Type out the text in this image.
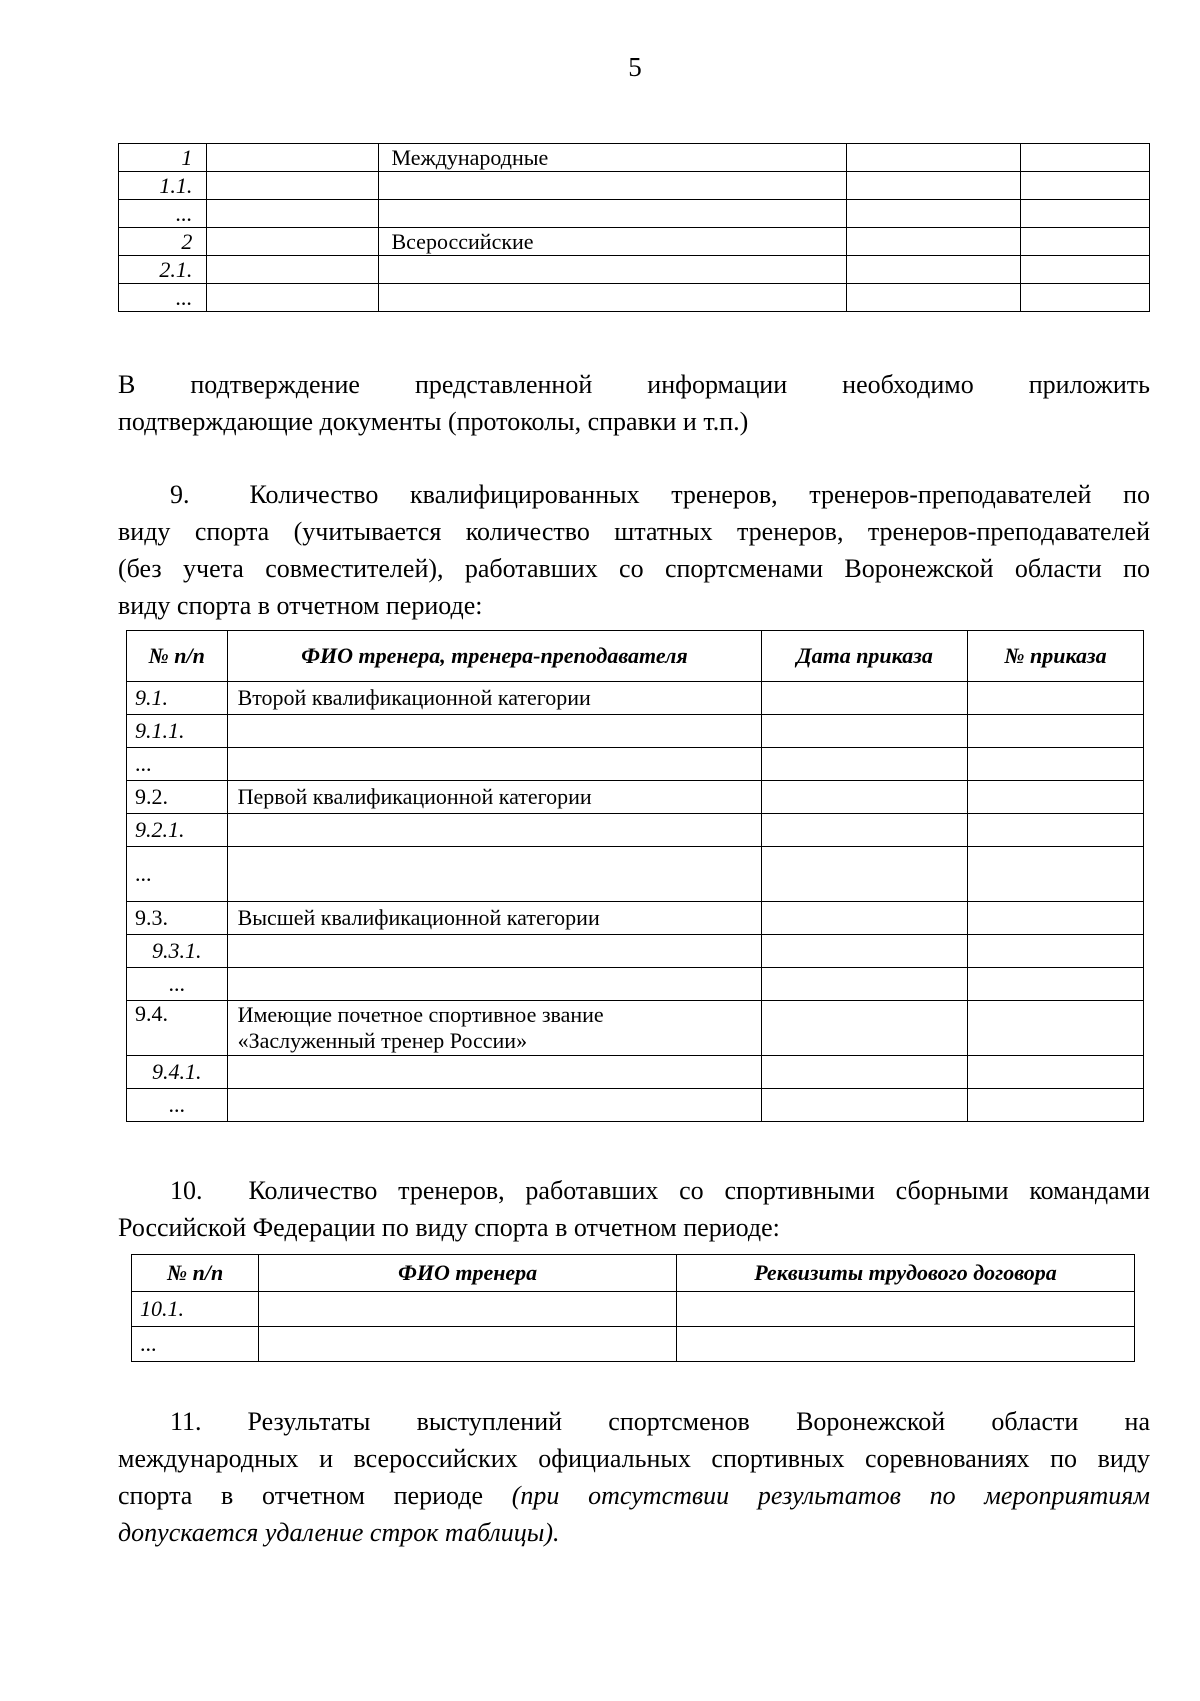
5
1		Международные		
1.1.				
...				
2		Всероссийские		
2.1.				
...				
В подтверждение представленной информации необходимо приложить
подтверждающие документы (протоколы, справки и т.п.)
9. Количество квалифицированных тренеров, тренеров-преподавателей по
виду спорта (учитывается количество штатных тренеров, тренеров-преподавателей
(без учета совместителей), работавших со спортсменами Воронежской области по
виду спорта в отчетном периоде:
№ п/п	ФИО тренера, тренера-преподавателя	Дата приказа	№ приказа
9.1.	Второй квалификационной категории		
9.1.1.			
...			
9.2.	Первой квалификационной категории		
9.2.1.			
...			
9.3.	Высшей квалификационной категории		
9.3.1.			
...			
9.4.	Имеющие почетное спортивное звание
«Заслуженный тренер России»		

9.4.1.			
...			
10. Количество тренеров, работавших со спортивными сборными командами
Российской Федерации по виду спорта в отчетном периоде:
№ п/п	ФИО тренера	Реквизиты трудового договора
10.1.		
...		
11. Результаты выступлений спортсменов Воронежской области на
международных и всероссийских официальных спортивных соревнованиях по виду
спорта в отчетном периоде (при отсутствии результатов по мероприятиям
допускается удаление строк таблицы).
